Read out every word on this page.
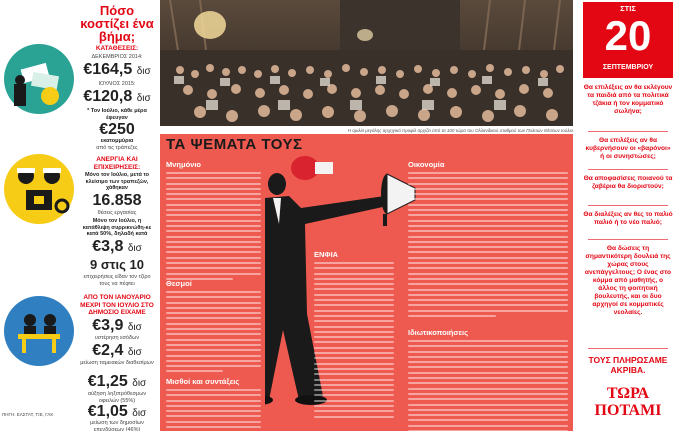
Πόσο κοστίζει ένα βήμα;
ΚΑΤΑΘΕΣΕΙΣ:
ΔΕΚΕΜΒΡΙΟΣ 2014:
€164,5 δισ
ΙΟΥΛΙΟΣ 2015:
€120,8 δισ
* Τον Ιούλιο, κάθε μέρα έφευγαν
€250
εκατομμύρια
από τις τράπεζες
ΑΝΕΡΓΙΑ ΚΑΙ ΕΠΙΧΕΙΡΗΣΕΙΣ:
Μόνο τον Ιούλιο, μετά το κλείσιμο των τραπεζών, χάθηκαν
16.858
θέσεις εργασίας
Μόνο τον Ιούλιο, η κατάθλιψη συρρικνώθη-κε κατά 50%, δηλαδή κατά
€3,8 δισ
9 στις 10
επιχειρήσεις είδαν τον τζίρο τους να πέφτει
ΑΠΟ ΤΟΝ ΙΑΝΟΥΑΡΙΟ ΜΕΧΡΙ ΤΟΝ ΙΟΥΛΙΟ ΣΤΟ ΔΗΜΟΣΙΟ ΕΙΧΑΜΕ
€3,9 δισ
υστέρηση εσόδων
€2,4 δισ
μείωση ταμειακών διαθεσίμων
€1,25 δισ
αύξηση ληξιπρόθεσμων οφειλών (55%)
€1,05 δισ
μείωση των δημοσίων επενδύσεων (46%)
ΠΗΓΗ: ΕΛΣΤΑΤ, ΤτΕ, ΓΛΚ
Η ομιλία μεγάλης αρχηγικό προφίλ αρχίζει από τα 100 τώρα του Ολλανδικού σταθμού των Πολιτών Θέσεων Ιούλιο
ΤΑ ΨΕΜΑΤΑ ΤΟΥΣ
Μνημόνιο
Θεσμοί
Μισθοί και συντάξεις
ΕΝΦΙΑ
Οικονομία
Ιδιωτικοποιήσεις
ΣΤΙΣ
20
ΣΕΠΤΕΜΒΡΙΟΥ
Θα επιλέξεις αν θα εκλέγουν τα παιδιά από τα πολιτικά τζάκια ή τον κομματικό σωλήνα;
Θα επιλέξεις αν θα κυβερνήσουν οι «βαρόνοι» ή οι συνηστώσες;
Θα αποφασίσεις ποιανού τα ζαβέρια θα διοριστούν;
Θα διαλέξεις αν θες το παλιό παλιό ή το νέο παλιό;
Θα δώσεις τη σημαντικότερη δουλειά της χώρας στους ανεπάγγελτους; Ο ένας στο κόμμα από μαθητής, ο άλλος τη φοιτητική βουλευτής, και οι δυο αρχηγοί σε κομματικές νεολαίες.
ΤΟΥΣ ΠΛΗΡΩΣΑΜΕ ΑΚΡΙΒΑ.
ΤΩΡΑ
ΠΟΤΑΜΙ
